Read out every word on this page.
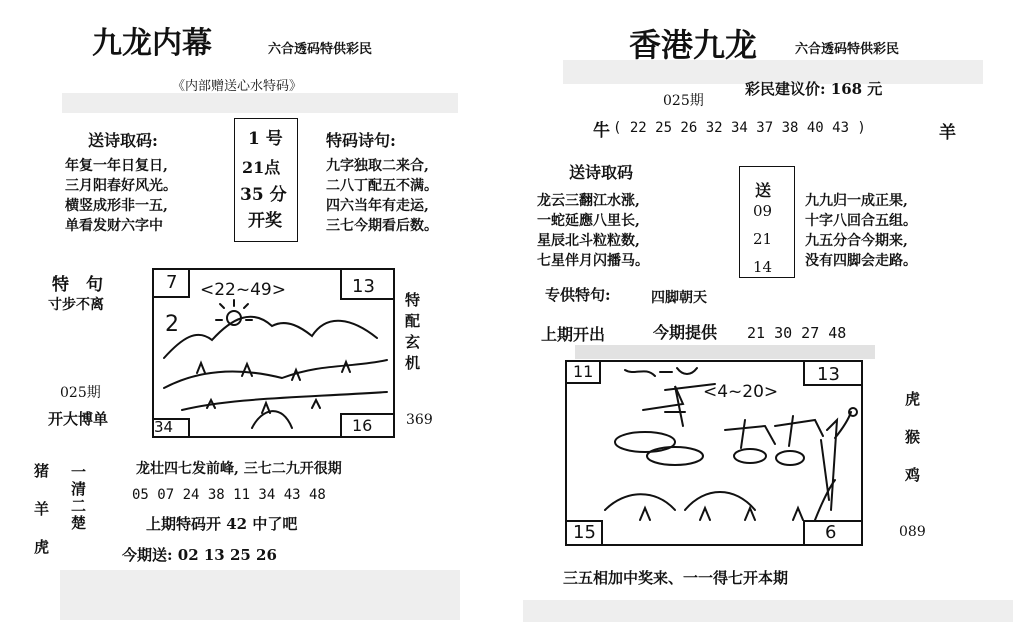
九龙内幕	六合透码特供彩民
《内部赠送心水特码》
送诗取码:
年复一年日复日,
三月阳春好风光。
横竖成形非一五,
单看发财六字中
1 号
21点
35 分
开奖
特码诗句:
九字独取二来合,
二八丁配五不满。
四六当年有走运,
三七今期看后数。
特　句
寸步不离
025期
开大博单
7	13
34	16
<22~49>
2	特配玄机
369
猪
羊
虎
一清二楚	龙壮四七发前峰, 三七二九开很期
05 07 24 38 11 34 43 48
上期特码开 42 中了吧
今期送: 02 13 25 26
香港九龙	六合透码特供彩民
025期
彩民建议价: 168 元
牛 ( 22 25 26 32 34 37 38 40 43 )	羊
送诗取码
龙云三翻江水涨,
一蛇延應八里长,
星辰北斗粒粒数,
七星伴月闪播马。
送
09
21
14
九九归一成正果,
十字八回合五组。
九五分合今期来,
没有四脚会走路。
专供特句:	四脚朝天
上期开出	今期提供 21 30 27 48
11	13
15	6
<4~20>	虎
猴
鸡
089
三五相加中奖来、一一得七开本期
